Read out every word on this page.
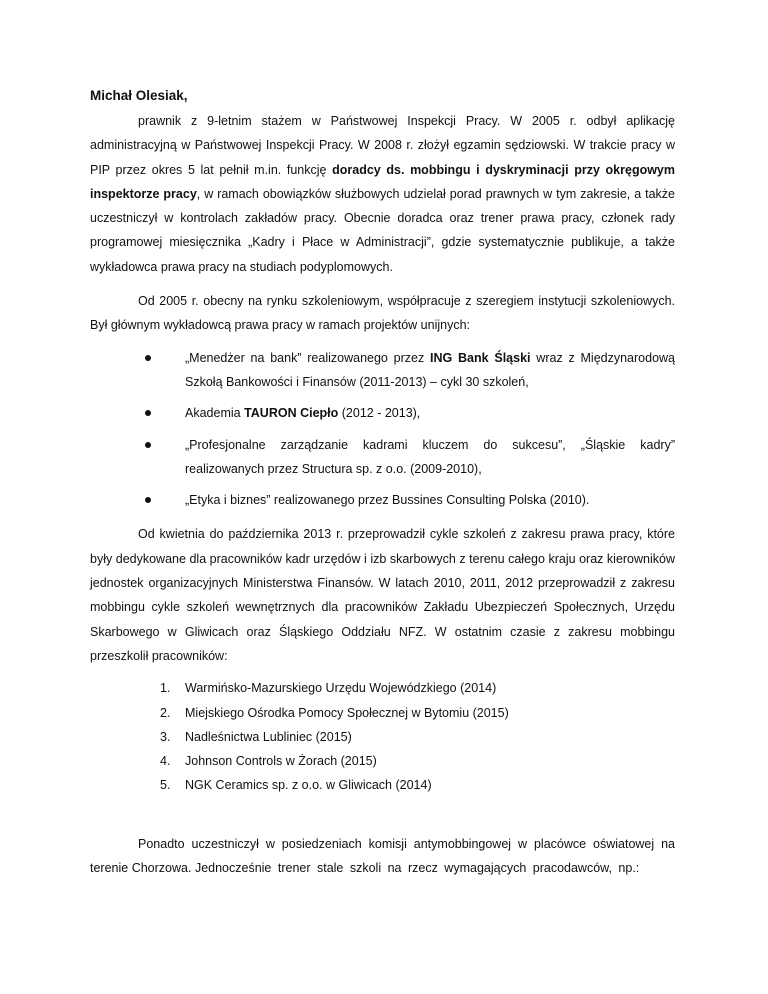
Michał Olesiak,

prawnik z 9-letnim stażem w Państwowej Inspekcji Pracy. W 2005 r. odbył aplikację administracyjną w Państwowej Inspekcji Pracy. W 2008 r. złożył egzamin sędziowski. W trakcie pracy w PIP przez okres 5 lat pełnił m.in. funkcję doradcy ds. mobbingu i dyskryminacji przy okręgowym inspektorze pracy, w ramach obowiązków służbowych udzielał porad prawnych w tym zakresie, a także uczestniczył w kontrolach zakładów pracy. Obecnie doradca oraz trener prawa pracy, członek rady programowej miesięcznika „Kadry i Płace w Administracji”, gdzie systematycznie publikuje, a także wykładowca prawa pracy na studiach podyplomowych.

Od 2005 r. obecny na rynku szkoleniowym, współpracuje z szeregiem instytucji szkoleniowych. Był głównym wykładowcą prawa pracy w ramach projektów unijnych:

„Menedżer na bank” realizowanego przez ING Bank Śląski wraz z Międzynarodową Szkołą Bankowości i Finansów (2011-2013) – cykl 30 szkoleń,
Akademia TAURON Ciepło (2012 - 2013),
„Profesjonalne zarządzanie kadrami kluczem do sukcesu”, „Śląskie kadry” realizowanych przez Structura sp. z o.o. (2009-2010),
„Etyka i biznes” realizowanego przez Bussines Consulting Polska (2010).

Od kwietnia do października 2013 r. przeprowadził cykle szkoleń z zakresu prawa pracy, które były dedykowane dla pracowników kadr urzędów i izb skarbowych z terenu całego kraju oraz kierowników jednostek organizacyjnych Ministerstwa Finansów. W latach 2010, 2011, 2012 przeprowadził z zakresu mobbingu cykle szkoleń wewnętrznych dla pracowników Zakładu Ubezpieczeń Społecznych, Urzędu Skarbowego w Gliwicach oraz Śląskiego Oddziału NFZ. W ostatnim czasie z zakresu mobbingu przeszkolił pracowników:

1. Warmińsko-Mazurskiego Urzędu Wojewódzkiego (2014)
2. Miejskiego Ośrodka Pomocy Społecznej w Bytomiu (2015)
3. Nadleśnictwa Lubliniec (2015)
4. Johnson Controls w Żorach (2015)
5. NGK Ceramics sp. z o.o. w Gliwicach (2014)

Ponadto uczestniczył w posiedzeniach komisji antymobbingowej w placówce oświatowej na terenie Chorzowa. Jednocześnie trener stale szkoli na rzecz wymagających pracodawców, np.:
